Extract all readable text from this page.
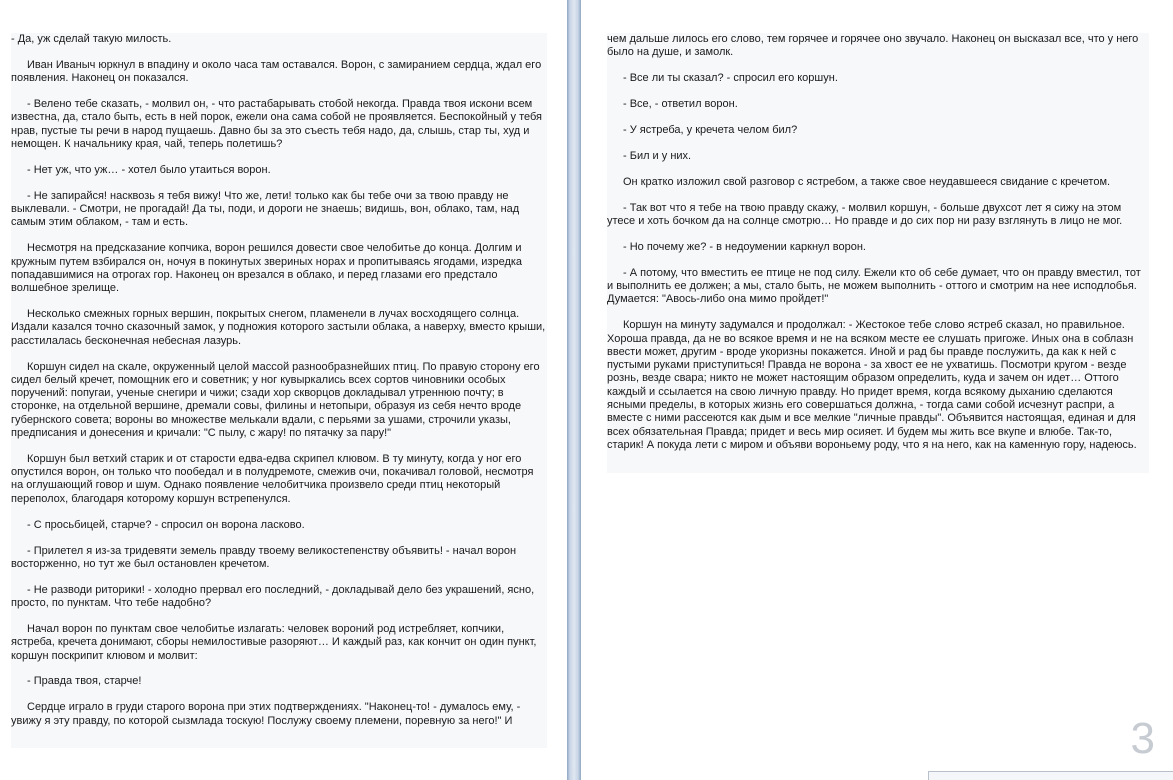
- Да, уж сделай такую милость.

Иван Иваныч юркнул в впадину и около часа там оставался. Ворон, с замиранием сердца, ждал его появления. Наконец он показался.

- Велено тебе сказать, - молвил он, - что растабарывать стобой некогда. Правда твоя искони всем известна, да, стало быть, есть в ней порок, ежели она сама собой не проявляется. Беспокойный у тебя нрав, пустые ты речи в народ пущаешь. Давно бы за это съесть тебя надо, да, слышь, стар ты, худ и немощен. К начальнику края, чай, теперь полетишь?

- Нет уж, что уж… - хотел было утаиться ворон.

- Не запирайся! насквозь я тебя вижу! Что же, лети! только как бы тебе очи за твою правду не выклевали. - Смотри, не прогадай! Да ты, поди, и дороги не знаешь; видишь, вон, облако, там, над самым этим облаком, - там и есть.

Несмотря на предсказание копчика, ворон решился довести свое челобитье до конца. Долгим и кружным путем взбирался он, ночуя в покинутых звериных норах и пропитываясь ягодами, изредка попадавшимися на отрогах гор. Наконец он врезался в облако, и перед глазами его предстало волшебное зрелище.

Несколько смежных горных вершин, покрытых снегом, пламенели в лучах восходящего солнца. Издали казался точно сказочный замок, у подножия которого застыли облака, а наверху, вместо крыши, расстилалась бесконечная небесная лазурь.

Коршун сидел на скале, окруженный целой массой разнообразнейших птиц. По правую сторону его сидел белый кречет, помощник его и советник; у ног кувыркались всех сортов чиновники особых поручений: попугаи, ученые снегири и чижи; сзади хор скворцов докладывал утреннюю почту; в сторонке, на отдельной вершине, дремали совы, филины и нетопыри, образуя из себя нечто вроде губернского совета; вороны во множестве мелькали вдали, с перьями за ушами, строчили указы, предписания и донесения и кричали: "С пылу, с жару! по пятачку за пару!"

Коршун был ветхий старик и от старости едва-едва скрипел клювом. В ту минуту, когда у ног его опустился ворон, он только что пообедал и в полудремоте, смежив очи, покачивал головой, несмотря на оглушающий говор и шум. Однако появление челобитчика произвело среди птиц некоторый переполох, благодаря которому коршун встрепенулся.

- С просьбицей, старче? - спросил он ворона ласково.

- Прилетел я из-за тридевяти земель правду твоему великостепенству объявить! - начал ворон восторженно, но тут же был остановлен кречетом.

- Не разводи риторики! - холодно прервал его последний, - докладывай дело без украшений, ясно, просто, по пунктам. Что тебе надобно?

Начал ворон по пунктам свое челобитье излагать: человек вороний род истребляет, копчики, ястреба, кречета донимают, сборы немилостивые разоряют… И каждый раз, как кончит он один пункт, коршун поскрипит клювом и молвит:

- Правда твоя, старче!

Сердце играло в груди старого ворона при этих подтверждениях. "Наконец-то! - думалось ему, - увижу я эту правду, по которой сызмлада тоскую! Послужу своему племени, поревную за него!" И

чем дальше лилось его слово, тем горячее и горячее оно звучало. Наконец он высказал все, что у него было на душе, и замолк.

- Все ли ты сказал? - спросил его коршун.

- Все, - ответил ворон.

- У ястреба, у кречета челом бил?

- Бил и у них.

Он кратко изложил свой разговор с ястребом, а также свое неудавшееся свидание с кречетом.

- Так вот что я тебе на твою правду скажу, - молвил коршун, - больше двухсот лет я сижу на этом утесе и хоть бочком да на солнце смотрю… Но правде и до сих пор ни разу взглянуть в лицо не мог.

- Но почему же? - в недоумении каркнул ворон.

- А потому, что вместить ее птице не под силу. Ежели кто об себе думает, что он правду вместил, тот и выполнить ее должен; а мы, стало быть, не можем выполнить - оттого и смотрим на нее исподлобья. Думается: "Авось-либо она мимо пройдет!"

Коршун на минуту задумался и продолжал: - Жестокое тебе слово ястреб сказал, но правильное. Хороша правда, да не во всякое время и не на всяком месте ее слушать пригоже. Иных она в соблазн ввести может, другим - вроде укоризны покажется. Иной и рад бы правде послужить, да как к ней с пустыми руками приступиться! Правда не ворона - за хвост ее не ухватишь. Посмотри кругом - везде рознь, везде свара; никто не может настоящим образом определить, куда и зачем он идет… Оттого каждый и ссылается на свою личную правду. Но придет время, когда всякому дыханию сделаются ясными пределы, в которых жизнь его совершаться должна, - тогда сами собой исчезнут распри, а вместе с ними рассеются как дым и все мелкие "личные правды". Объявится настоящая, единая и для всех обязательная Правда; придет и весь мир осияет. И будем мы жить все вкупе и влюбе. Так-то, старик! А покуда лети с миром и объяви вороньему роду, что я на него, как на каменную гору, надеюсь.

3
